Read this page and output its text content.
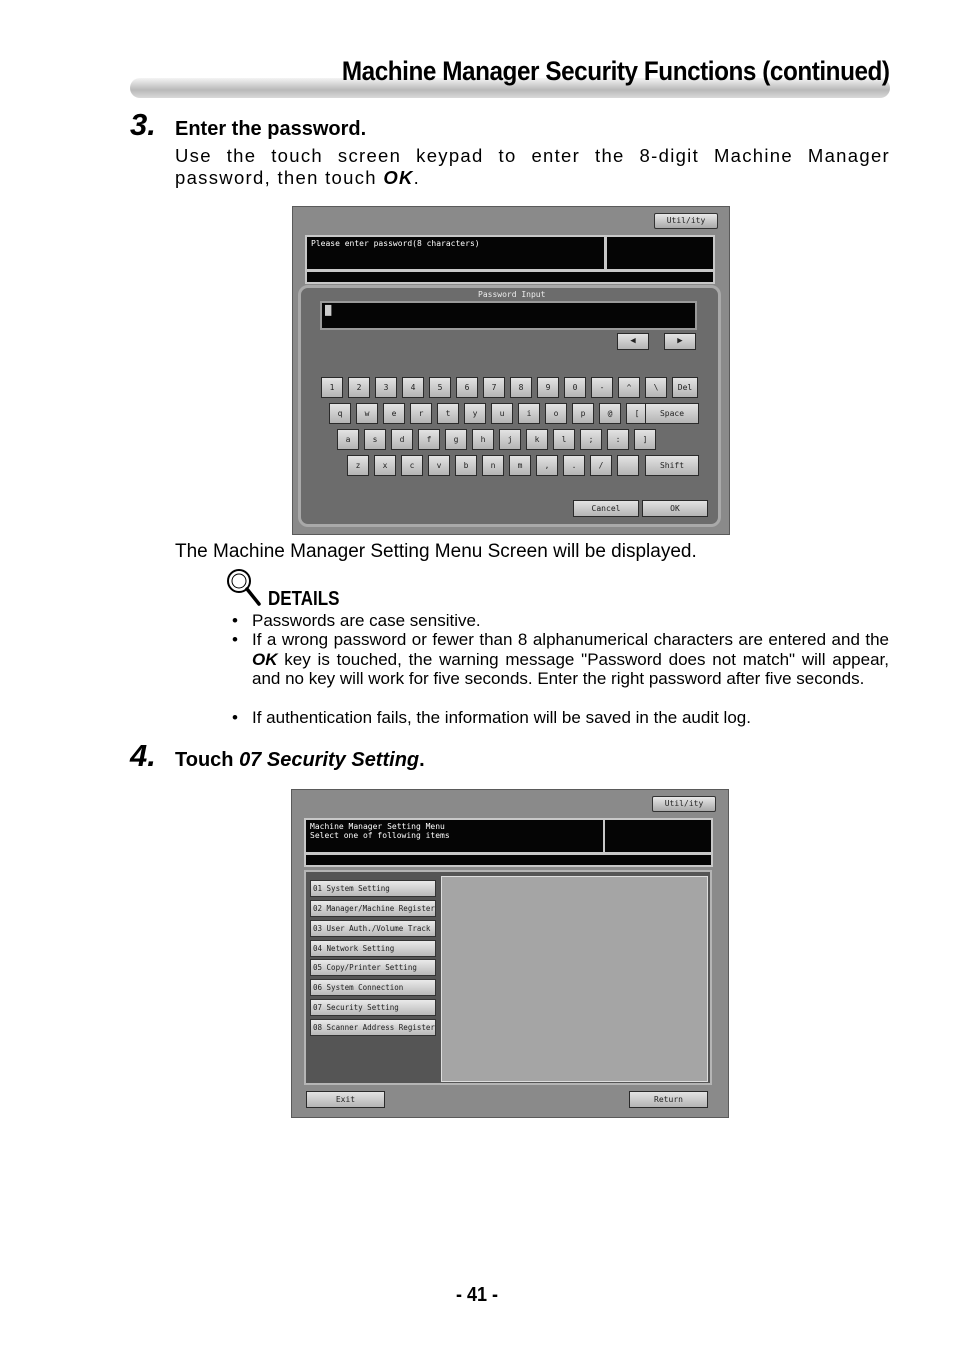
Machine Manager Security Functions (continued)
3. Enter the password.
Use the touch screen keypad to enter the 8-digit Machine Manager password, then touch OK.
Util/ity
Please enter password(8 characters)
Password Input
█
◀	▶
1	2	3	4	5	6	7	8	9	0	-	^	\	Del
q	w	e	r	t	y	u	i	o	p	@	[	Space
a	s	d	f	g	h	j	k	l	;	:	]
z	x	c	v	b	n	m	,	.	/	Shift
Cancel	OK
The Machine Manager Setting Menu Screen will be displayed.
DETAILS
• Passwords are case sensitive.
• If a wrong password or fewer than 8 alphanumerical characters are entered and the OK key is touched, the warning message "Password does not match" will appear, and no key will work for five seconds. Enter the right password after five seconds.
• If authentication fails, the information will be saved in the audit log.
4. Touch 07 Security Setting.
Util/ity
Machine Manager Setting Menu
Select one of following items
01 System Setting
02 Manager/Machine Register
03 User Auth./Volume Track
04 Network Setting
05 Copy/Printer Setting
06 System Connection
07 Security Setting
08 Scanner Address Register
Exit	Return
- 41 -
